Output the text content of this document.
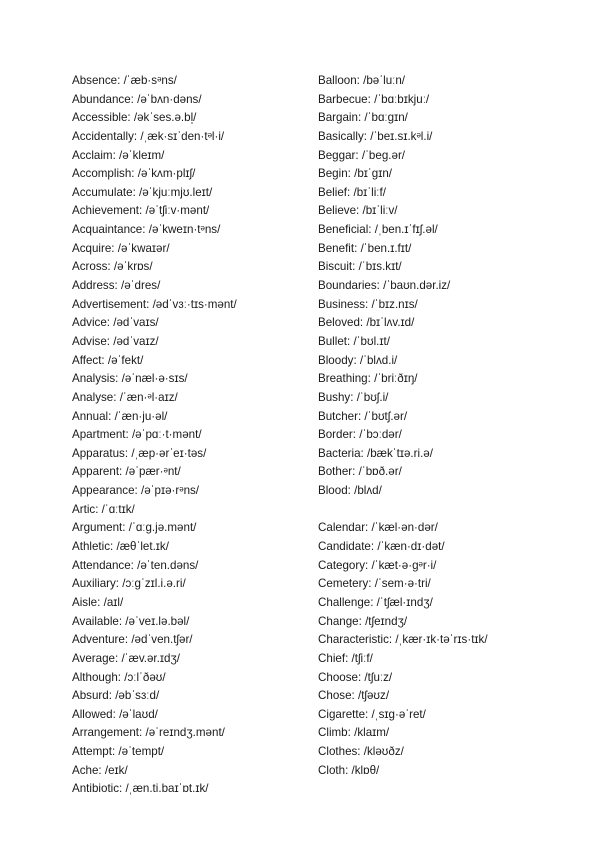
Absence: /ˈæb·sᵊns/
Abundance: /əˈbʌn·dəns/
Accessible: /əkˈses.ə.bl̩/
Accidentally: /ˌæk·sɪˈden·tᵊl·i/
Acclaim: /əˈkleɪm/
Accomplish: /əˈkʌm·plɪʃ/
Accumulate: /əˈkjuːmjʊ.leɪt/
Achievement: /əˈtʃiːv·mənt/
Acquaintance: /əˈkweɪn·tᵊns/
Acquire: /əˈkwaɪər/
Across: /əˈkrɒs/
Address: /əˈdres/
Advertisement: /ədˈvɜː·tɪs·mənt/
Advice: /ədˈvaɪs/
Advise: /ədˈvaɪz/
Affect: /əˈfekt/
Analysis: /əˈnæl·ə·sɪs/
Analyse: /ˈæn·ᵊl·aɪz/
Annual: /ˈæn·ju·əl/
Apartment: /əˈpɑː·t·mənt/
Apparatus: /ˌæp·ərˈeɪ·təs/
Apparent: /əˈpær·ᵊnt/
Appearance: /əˈpɪə·rᵊns/
Artic: /ˈɑːtɪk/
Argument: /ˈɑːg.jə.mənt/
Athletic: /æθˈlet.ɪk/
Attendance: /əˈten.dəns/
Auxiliary: /ɔːgˈzɪl.i.ə.ri/
Aisle: /aɪl/
Available: /əˈveɪ.lə.bəl/
Adventure: /ədˈven.tʃər/
Average: /ˈæv.ər.ɪdʒ/
Although: /ɔːlˈðəʊ/
Absurd: /əbˈsɜːd/
Allowed: /əˈlaʊd/
Arrangement: /əˈreɪndʒ.mənt/
Attempt: /əˈtempt/
Ache: /eɪk/
Antibiotic: /ˌæn.ti.baɪˈɒt.ɪk/
Balloon: /bəˈluːn/
Barbecue: /ˈbɑːbɪkjuː/
Bargain: /ˈbɑːgɪn/
Basically: /ˈbeɪ.sɪ.kᵊl.i/
Beggar: /ˈbeg.ər/
Begin: /bɪˈgɪn/
Belief: /bɪˈliːf/
Believe: /bɪˈliːv/
Beneficial: /ˌben.ɪˈfɪʃ.əl/
Benefit: /ˈben.ɪ.fɪt/
Biscuit: /ˈbɪs.kɪt/
Boundaries: /ˈbaʊn.dər.iz/
Business: /ˈbɪz.nɪs/
Beloved: /bɪˈlʌv.ɪd/
Bullet: /ˈbʊl.ɪt/
Bloody: /ˈblʌd.i/
Breathing: /ˈbriːðɪŋ/
Bushy: /ˈbʊʃ.i/
Butcher: /ˈbʊtʃ.ər/
Border: /ˈbɔːdər/
Bacteria: /bækˈtɪə.ri.ə/
Bother: /ˈbɒð.ər/
Blood: /blʌd/
Calendar: /ˈkæl·ən·dər/
Candidate: /ˈkæn·dɪ·dət/
Category: /ˈkæt·ə·gᵊr·i/
Cemetery: /ˈsem·ə·tri/
Challenge: /ˈtʃæl·ɪndʒ/
Change: /tʃeɪndʒ/
Characteristic: /ˌkær·ɪk·təˈrɪs·tɪk/
Chief: /tʃiːf/
Choose: /tʃuːz/
Chose: /tʃəʊz/
Cigarette: /ˌsɪg·əˈret/
Climb: /klaɪm/
Clothes: /kləʊðz/
Cloth: /klɒθ/
